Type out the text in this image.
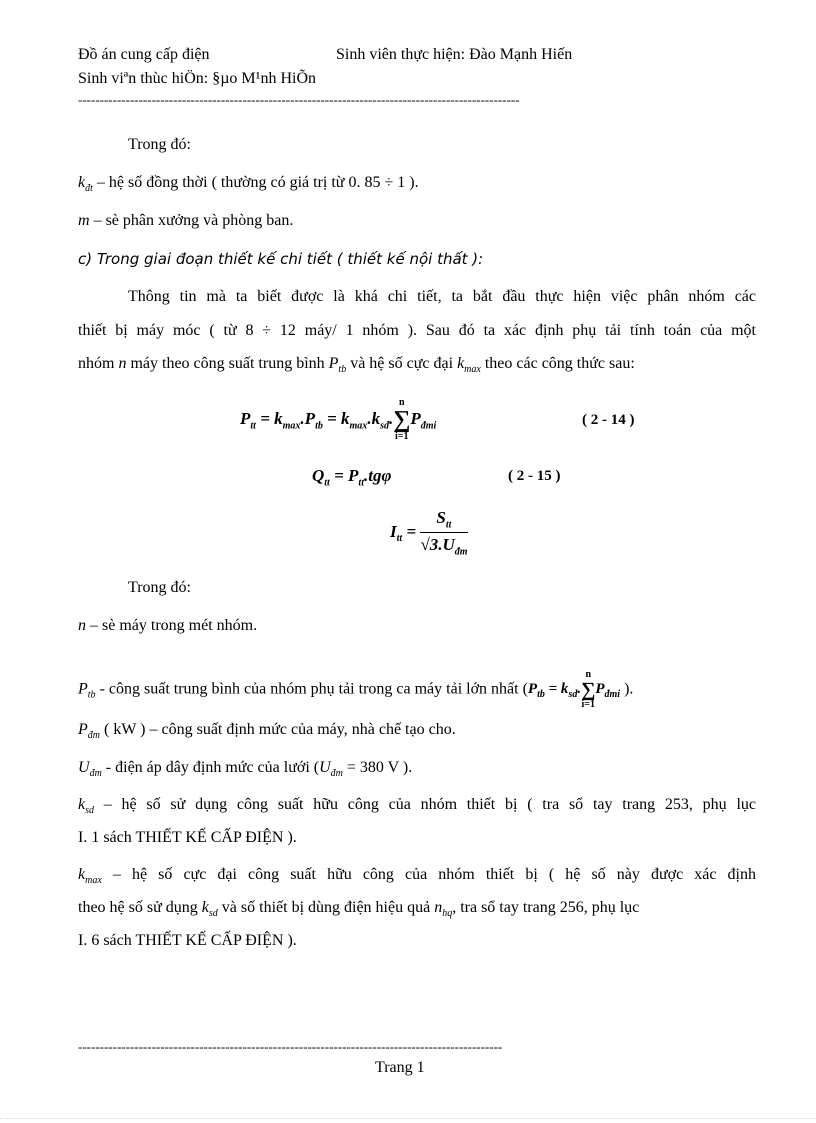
Đồ án cung cấp điện	Sinh viên thực hiện: Đào Mạnh Hiến
Sinh viªn thùc hiÖn: §µo M¹nh HiÕn
------------------------------------------------------------------------------------------------------
Trong đó:
$k_{đt}$ – hệ số đồng thời ( thường có giá trị từ 0. 85 ÷ 1 ).
m – sè phân xưởng và phòng ban.
c) Trong giai đoạn thiết kế chi tiết ( thiết kế nội thất ):
Thông tin mà ta biết được là khá chi tiết, ta bắt đầu thực hiện việc phân nhóm các
thiết bị máy móc ( từ 8 ÷ 12 máy/ 1 nhóm ). Sau đó ta xác định phụ tải tính toán của một
nhóm n máy theo công suất trung bình $P_{tb}$ và hệ số cực đại $k_{max}$ theo các công thức sau:
$P_{tt} = k_{max}.P_{tb} = k_{max}.k_{sd}$.
n
∑
i=1
$P_{đmi}$	( 2 - 14 )
$Q_{tt} = P_{tt}.tg\varphi$	( 2 - 15 )
$I_{tt} = \frac{S_{tt}}{√3.U_{đm}}$
Trong đó:
n – sè máy trong mét nhóm.
$P_{tb}$ - công suất trung bình của nhóm phụ tải trong ca máy tải lớn nhất ($P_{tb} = k_{sd}$.
n
∑
i=1
$P_{đmi}$ ).
$P_{đm}$ ( kW ) – công suất định mức của máy, nhà chế tạo cho.
$U_{đm}$ - điện áp dây định mức của lưới ($U_{đm} = 380$ V ).
$k_{sd}$ – hệ số sử dụng công suất hữu công của nhóm thiết bị ( tra sổ tay trang 253, phụ lục
I. 1 sách THIẾT KẾ CẤP ĐIỆN ).
$k_{max}$ – hệ số cực đại công suất hữu công của nhóm thiết bị ( hệ số này được xác định
theo hệ số sử dụng $k_{sd}$ và số thiết bị dùng điện hiệu quả $n_{hq}$, tra sổ tay trang 256, phụ lục
I. 6 sách THIẾT KẾ CẤP ĐIỆN ).
--------------------------------------------------------------------------------------------------
Trang 1
